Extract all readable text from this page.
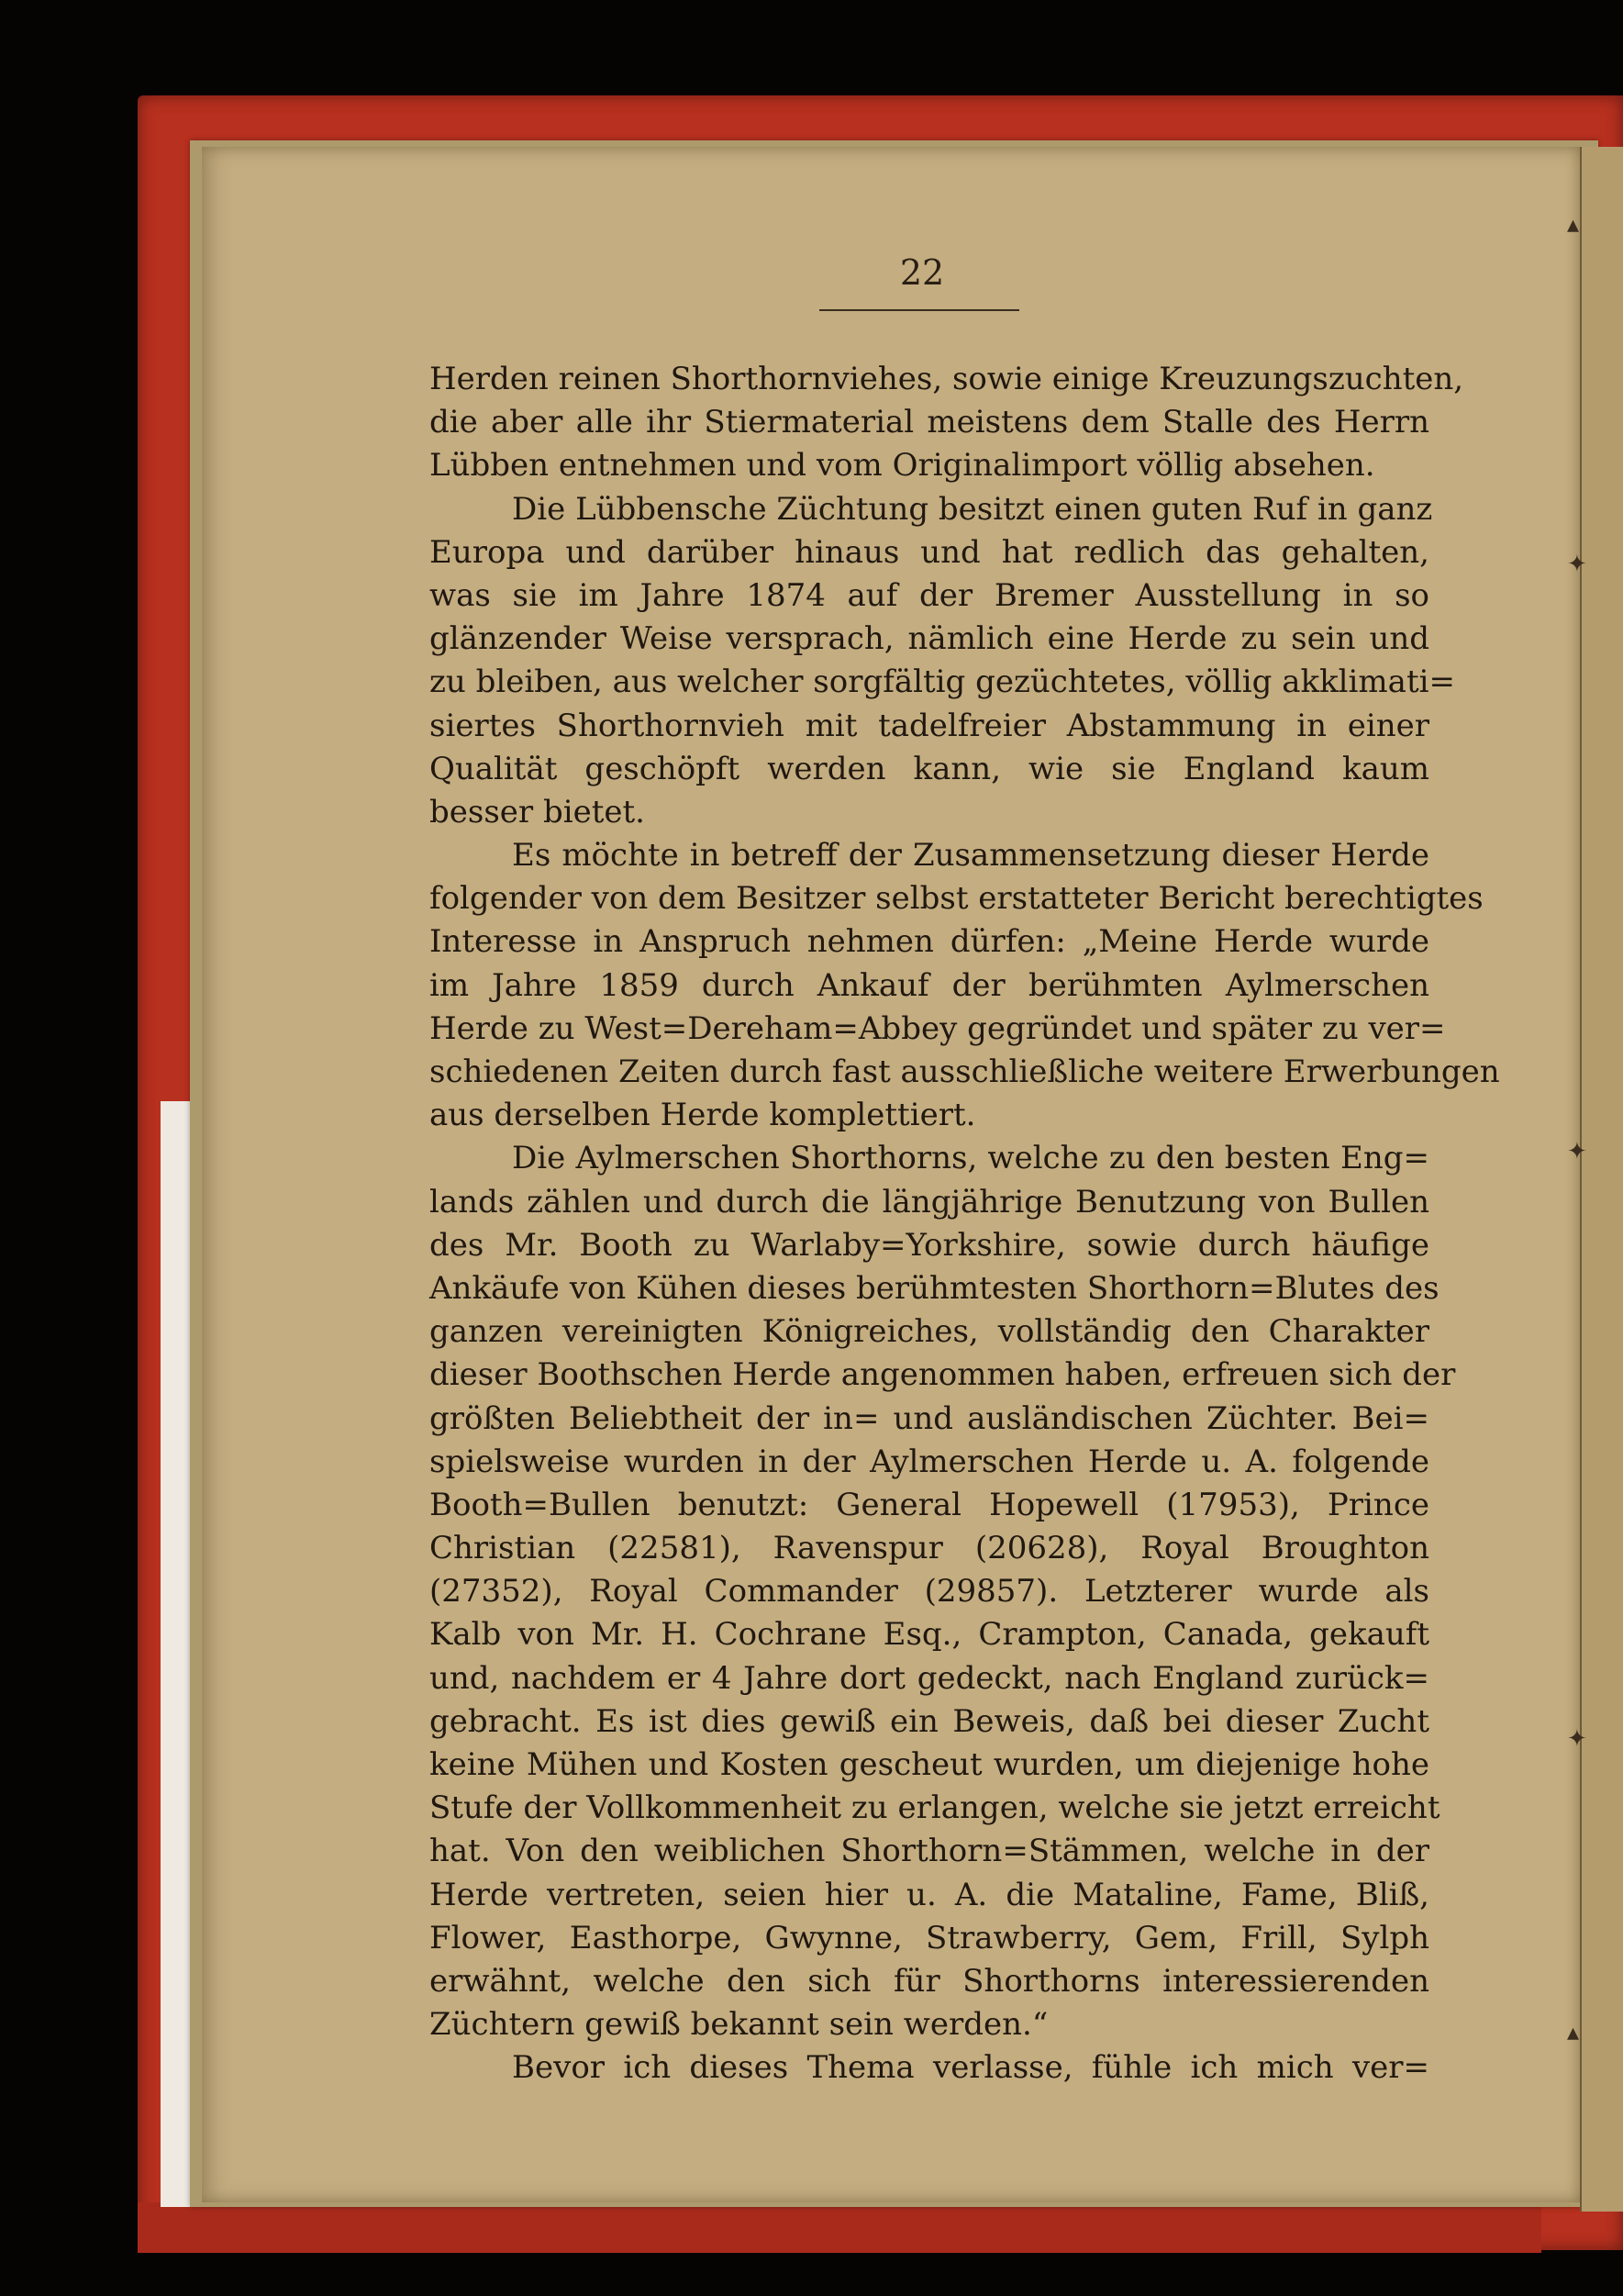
22

Herden reinen Shorthornviehes, sowie einige Kreuzungszuchten,
die aber alle ihr Stiermaterial meistens dem Stalle des Herrn
Lübben entnehmen und vom Originalimport völlig absehen.
Die Lübbensche Züchtung besitzt einen guten Ruf in ganz
Europa und darüber hinaus und hat redlich das gehalten,
was sie im Jahre 1874 auf der Bremer Ausstellung in so
glänzender Weise versprach, nämlich eine Herde zu sein und
zu bleiben, aus welcher sorgfältig gezüchtetes, völlig akklimati=
siertes Shorthornvieh mit tadelfreier Abstammung in einer
Qualität geschöpft werden kann, wie sie England kaum
besser bietet.
Es möchte in betreff der Zusammensetzung dieser Herde
folgender von dem Besitzer selbst erstatteter Bericht berechtigtes
Interesse in Anspruch nehmen dürfen: „Meine Herde wurde
im Jahre 1859 durch Ankauf der berühmten Aylmerschen
Herde zu West=Dereham=Abbey gegründet und später zu ver=
schiedenen Zeiten durch fast ausschließliche weitere Erwerbungen
aus derselben Herde komplettiert.
Die Aylmerschen Shorthorns, welche zu den besten Eng=
lands zählen und durch die längjährige Benutzung von Bullen
des Mr. Booth zu Warlaby=Yorkshire, sowie durch häufige
Ankäufe von Kühen dieses berühmtesten Shorthorn=Blutes des
ganzen vereinigten Königreiches, vollständig den Charakter
dieser Boothschen Herde angenommen haben, erfreuen sich der
größten Beliebtheit der in= und ausländischen Züchter. Bei=
spielsweise wurden in der Aylmerschen Herde u. A. folgende
Booth=Bullen benutzt: General Hopewell (17953), Prince
Christian (22581), Ravenspur (20628), Royal Broughton
(27352), Royal Commander (29857). Letzterer wurde als
Kalb von Mr. H. Cochrane Esq., Crampton, Canada, gekauft
und, nachdem er 4 Jahre dort gedeckt, nach England zurück=
gebracht. Es ist dies gewiß ein Beweis, daß bei dieser Zucht
keine Mühen und Kosten gescheut wurden, um diejenige hohe
Stufe der Vollkommenheit zu erlangen, welche sie jetzt erreicht
hat. Von den weiblichen Shorthorn=Stämmen, welche in der
Herde vertreten, seien hier u. A. die Mataline, Fame, Bliß,
Flower, Easthorpe, Gwynne, Strawberry, Gem, Frill, Sylph
erwähnt, welche den sich für Shorthorns interessierenden
Züchtern gewiß bekannt sein werden.“
Bevor ich dieses Thema verlasse, fühle ich mich ver=
▴
✦
✦
✦
▴
